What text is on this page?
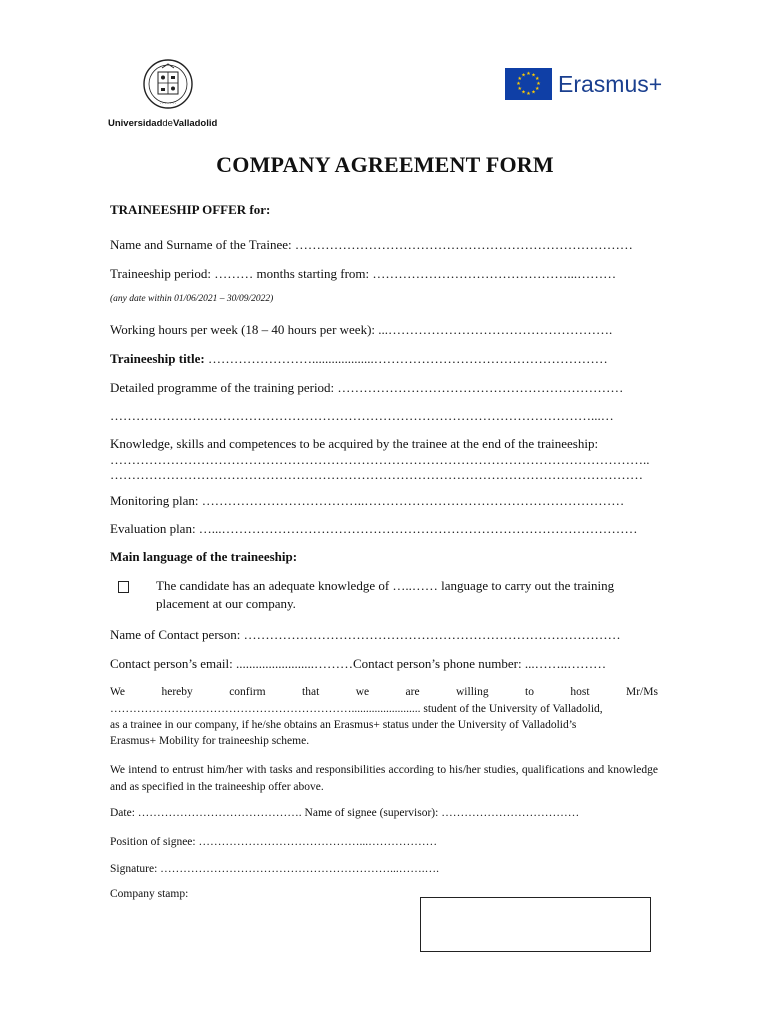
· · · · · · ·
UniversidaddeValladolid
★ ★
★
★
★
★
★
★
★
★
★
★ Erasmus+
COMPANY AGREEMENT FORM
TRAINEESHIP OFFER for:
Name and Surname of the Trainee: ……………………………………………………………………
Traineeship period: ……… months starting from: ………………………………………...………
(any date within 01/06/2021 – 30/09/2022)
Working hours per week (18 – 40 hours per week): ...…………………………………………….
Traineeship title: ……………………...................………………………………………………
Detailed programme of the training period: …………………………………………………………
…………………………………………………………………………………………………...…
Knowledge, skills and competences to be acquired by the trainee at the end of the traineeship:
……………………………………………………………………………………………………………..
……………………………………………………………………………………………………………
Monitoring plan: ………………………………..……………………………………………………
Evaluation plan: …...……………………………………………………………………………………
Main language of the traineeship:
The candidate has an adequate knowledge of …..…… language to carry out the training
placement at our company.
Name of Contact person: ……………………………………………………………………………
Contact person’s email: ........................………Contact person’s phone number: ...……..………
We	hereby	confirm	that	we	are	willing	to	host	Mr/Ms
………………………………………………………........................ student of the University of Valladolid,
as a trainee in our company, if he/she obtains an Erasmus+ status under the University of Valladolid’s
Erasmus+ Mobility for traineeship scheme.
We intend to entrust him/her with tasks and responsibilities according to his/her studies, qualifications and knowledge and as specified in the traineeship offer above.
Date: ……………………………………. Name of signee (supervisor): ………………………………
Position of signee: ……………………………………...………………
Signature: ……………………………………………………...…….….
Company stamp:
